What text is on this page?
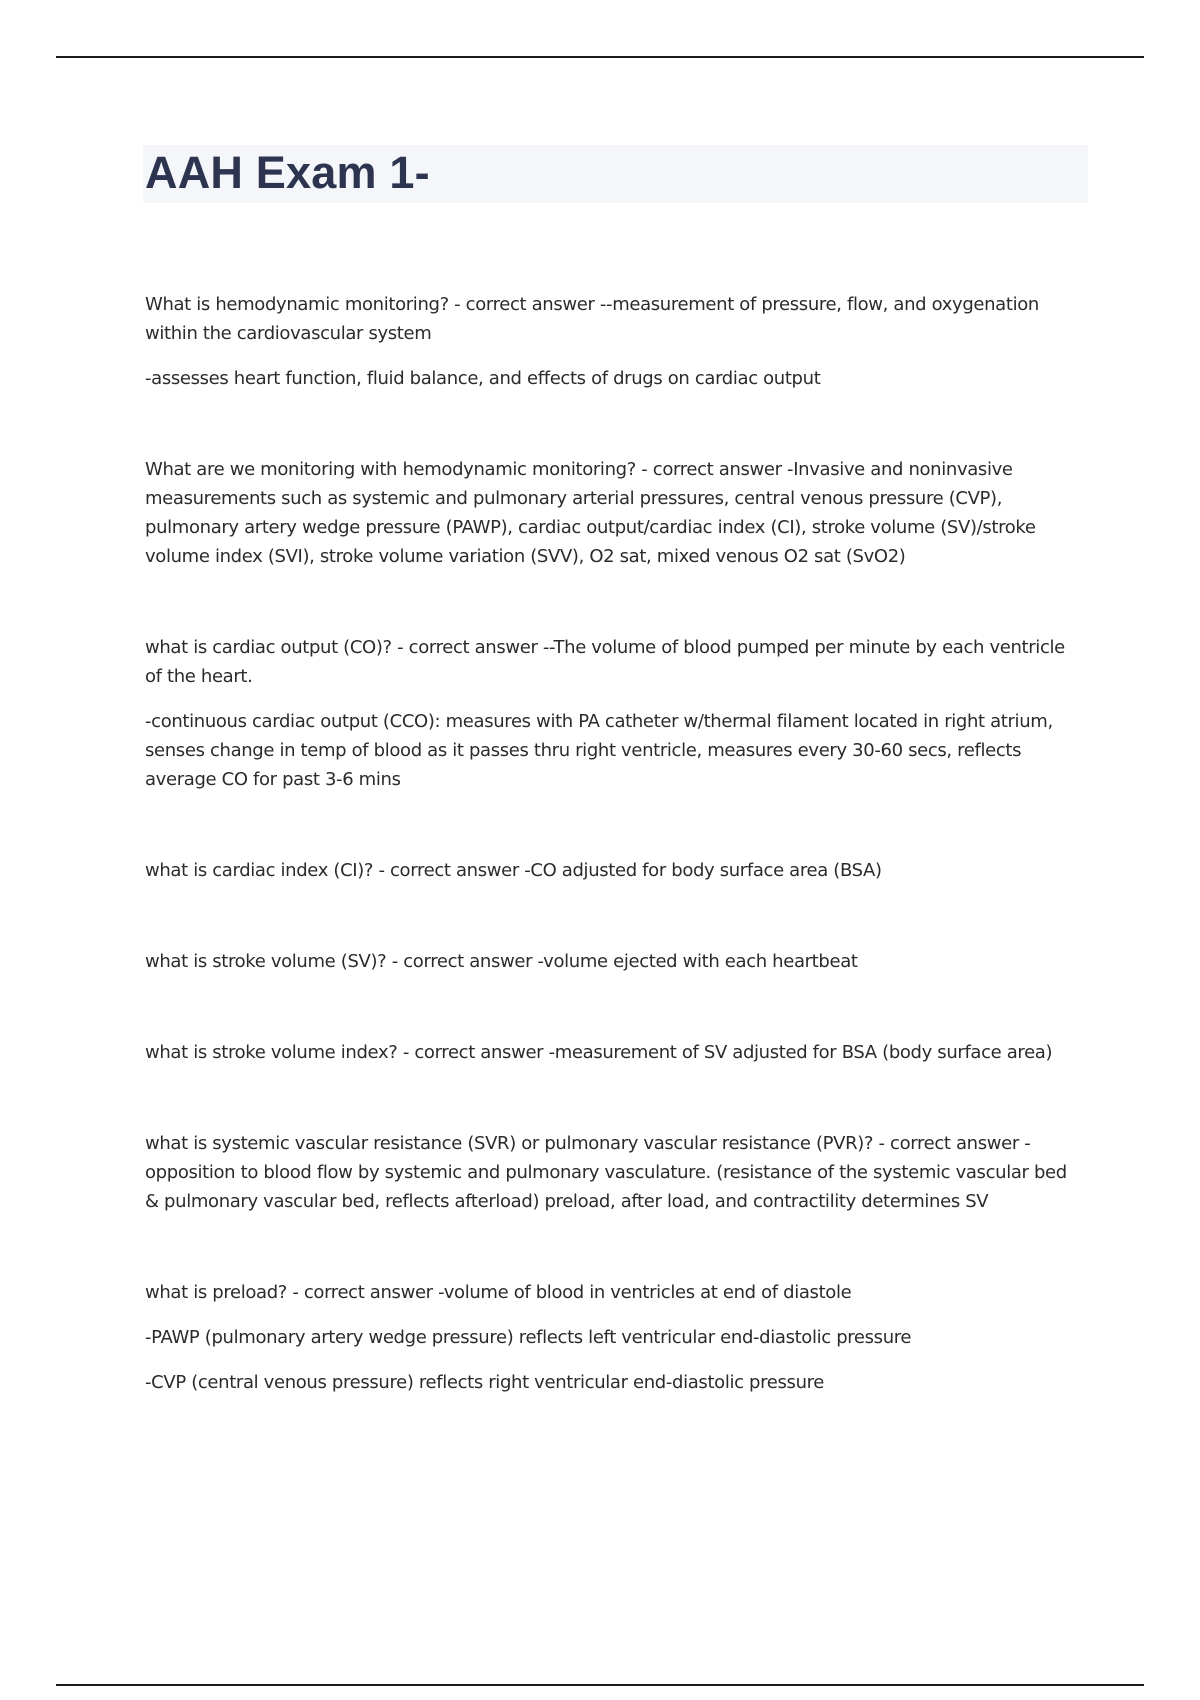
AAH Exam 1-

What is hemodynamic monitoring? - correct answer --measurement of pressure, flow, and oxygenation within the cardiovascular system

-assesses heart function, fluid balance, and effects of drugs on cardiac output

What are we monitoring with hemodynamic monitoring? - correct answer -Invasive and noninvasive measurements such as systemic and pulmonary arterial pressures, central venous pressure (CVP), pulmonary artery wedge pressure (PAWP), cardiac output/cardiac index (CI), stroke volume (SV)/stroke volume index (SVI), stroke volume variation (SVV), O2 sat, mixed venous O2 sat (SvO2)

what is cardiac output (CO)? - correct answer --The volume of blood pumped per minute by each ventricle of the heart.

-continuous cardiac output (CCO): measures with PA catheter w/thermal filament located in right atrium, senses change in temp of blood as it passes thru right ventricle, measures every 30-60 secs, reflects average CO for past 3-6 mins

what is cardiac index (CI)? - correct answer -CO adjusted for body surface area (BSA)

what is stroke volume (SV)? - correct answer -volume ejected with each heartbeat

what is stroke volume index? - correct answer -measurement of SV adjusted for BSA (body surface area)

what is systemic vascular resistance (SVR) or pulmonary vascular resistance (PVR)? - correct answer -opposition to blood flow by systemic and pulmonary vasculature. (resistance of the systemic vascular bed & pulmonary vascular bed, reflects afterload) preload, after load, and contractility determines SV

what is preload? - correct answer -volume of blood in ventricles at end of diastole

-PAWP (pulmonary artery wedge pressure) reflects left ventricular end-diastolic pressure

-CVP (central venous pressure) reflects right ventricular end-diastolic pressure
